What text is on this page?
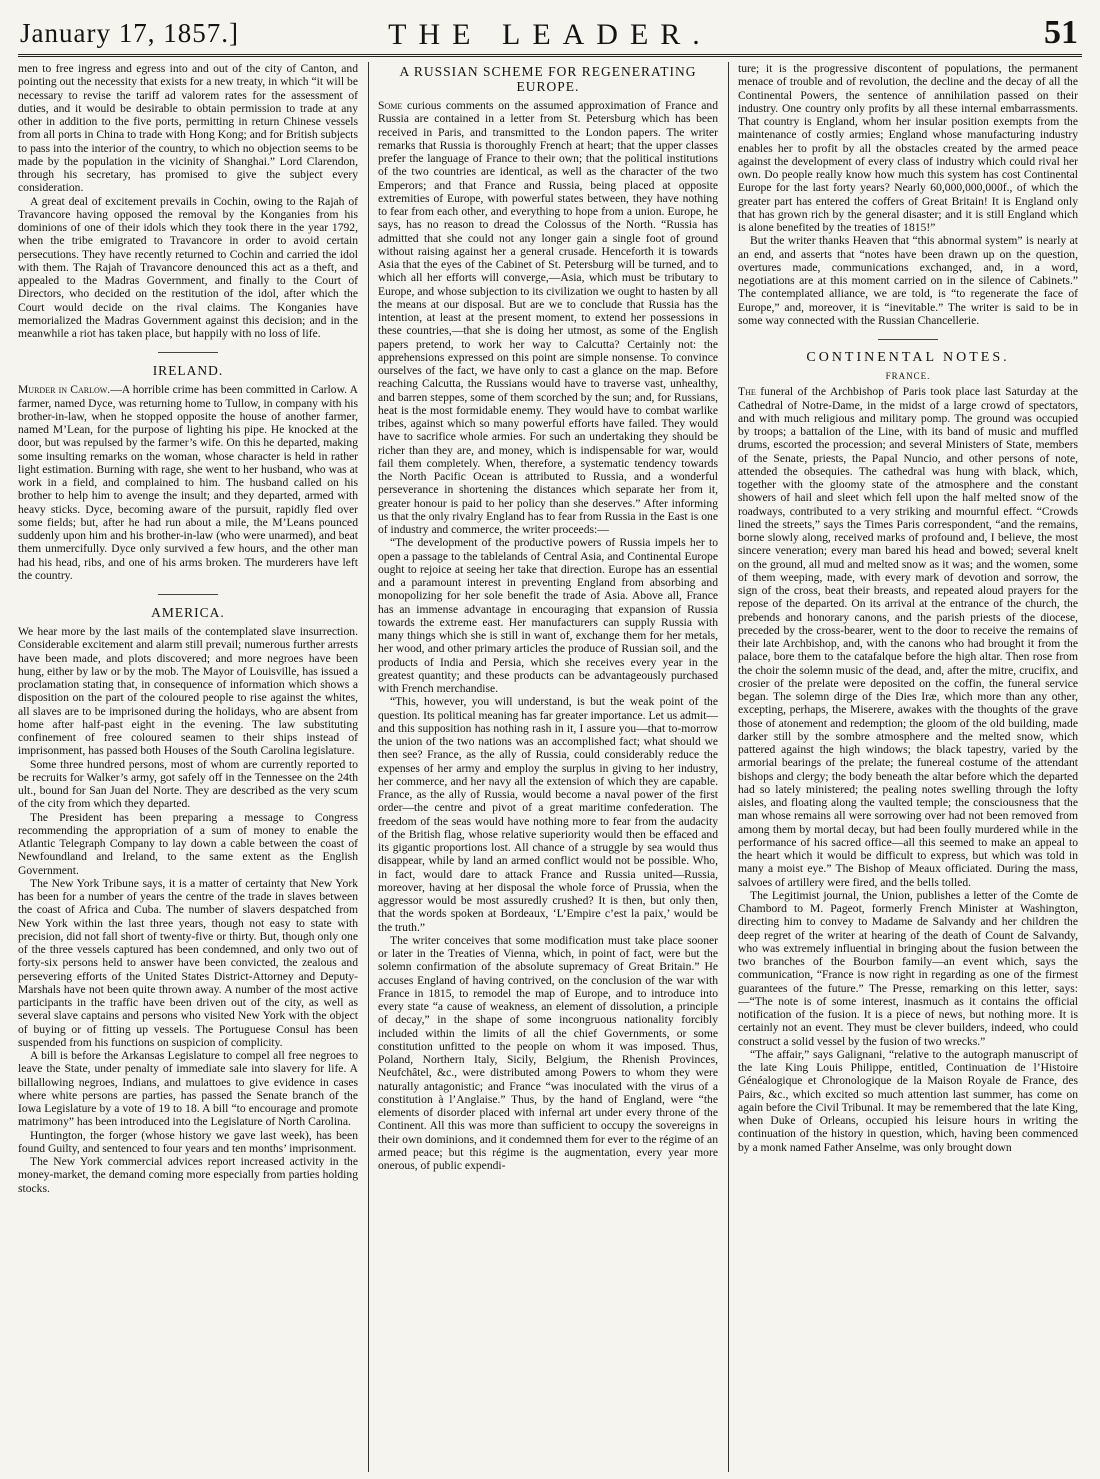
January 17, 1857.]	THE LEADER.	51

men to free ingress and egress into and out of the city of Canton, and pointing out the necessity that exists for a new treaty, in which “it will be necessary to revise the tariff ad valorem rates for the assessment of duties, and it would be desirable to obtain permission to trade at any other in addition to the five ports, permitting in return Chinese vessels from all ports in China to trade with Hong Kong; and for British subjects to pass into the interior of the country, to which no objection seems to be made by the population in the vicinity of Shanghai.” Lord Clarendon, through his secretary, has promised to give the subject every consideration.

A great deal of excitement prevails in Cochin, owing to the Rajah of Travancore having opposed the removal by the Konganies from his dominions of one of their idols which they took there in the year 1792, when the tribe emigrated to Travancore in order to avoid certain persecutions. They have recently returned to Cochin and carried the idol with them. The Rajah of Travancore denounced this act as a theft, and appealed to the Madras Government, and finally to the Court of Directors, who decided on the restitution of the idol, after which the Court would decide on the rival claims. The Konganies have memorialized the Madras Government against this decision; and in the meanwhile a riot has taken place, but happily with no loss of life.

IRELAND.

Murder in Carlow.—A horrible crime has been committed in Carlow. A farmer, named Dyce, was returning home to Tullow, in company with his brother-in-law, when he stopped opposite the house of another farmer, named M’Lean, for the purpose of lighting his pipe. He knocked at the door, but was repulsed by the farmer’s wife. On this he departed, making some insulting remarks on the woman, whose character is held in rather light estimation. Burning with rage, she went to her husband, who was at work in a field, and complained to him. The husband called on his brother to help him to avenge the insult; and they departed, armed with heavy sticks. Dyce, becoming aware of the pursuit, rapidly fled over some fields; but, after he had run about a mile, the M’Leans pounced suddenly upon him and his brother-in-law (who were unarmed), and beat them unmercifully. Dyce only survived a few hours, and the other man had his head, ribs, and one of his arms broken. The murderers have left the country.

AMERICA.

We hear more by the last mails of the contemplated slave insurrection. Considerable excitement and alarm still prevail; numerous further arrests have been made, and plots discovered; and more negroes have been hung, either by law or by the mob. The Mayor of Louisville, has issued a proclamation stating that, in consequence of information which shows a disposition on the part of the coloured people to rise against the whites, all slaves are to be imprisoned during the holidays, who are absent from home after half-past eight in the evening. The law substituting confinement of free coloured seamen to their ships instead of imprisonment, has passed both Houses of the South Carolina legislature.

Some three hundred persons, most of whom are currently reported to be recruits for Walker’s army, got safely off in the Tennessee on the 24th ult., bound for San Juan del Norte. They are described as the very scum of the city from which they departed.

The President has been preparing a message to Congress recommending the appropriation of a sum of money to enable the Atlantic Telegraph Company to lay down a cable between the coast of Newfoundland and Ireland, to the same extent as the English Government.

The New York Tribune says, it is a matter of certainty that New York has been for a number of years the centre of the trade in slaves between the coast of Africa and Cuba. The number of slavers despatched from New York within the last three years, though not easy to state with precision, did not fall short of twenty-five or thirty. But, though only one of the three vessels captured has been condemned, and only two out of forty-six persons held to answer have been convicted, the zealous and persevering efforts of the United States District-Attorney and Deputy-Marshals have not been quite thrown away. A number of the most active participants in the traffic have been driven out of the city, as well as several slave captains and persons who visited New York with the object of buying or of fitting up vessels. The Portuguese Consul has been suspended from his functions on suspicion of complicity.

A bill is before the Arkansas Legislature to compel all free negroes to leave the State, under penalty of immediate sale into slavery for life. A billallowing negroes, Indians, and mulattoes to give evidence in cases where white persons are parties, has passed the Senate branch of the Iowa Legislature by a vote of 19 to 18. A bill “to encourage and promote matrimony” has been introduced into the Legislature of North Carolina.

Huntington, the forger (whose history we gave last week), has been found Guilty, and sentenced to four years and ten months’ imprisonment.

The New York commercial advices report increased activity in the money-market, the demand coming more especially from parties holding stocks.

A RUSSIAN SCHEME FOR REGENERATING EUROPE.

Some curious comments on the assumed approximation of France and Russia are contained in a letter from St. Petersburg which has been received in Paris, and transmitted to the London papers. The writer remarks that Russia is thoroughly French at heart; that the upper classes prefer the language of France to their own; that the political institutions of the two countries are identical, as well as the character of the two Emperors; and that France and Russia, being placed at opposite extremities of Europe, with powerful states between, they have nothing to fear from each other, and everything to hope from a union. Europe, he says, has no reason to dread the Colossus of the North. “Russia has admitted that she could not any longer gain a single foot of ground without raising against her a general crusade. Henceforth it is towards Asia that the eyes of the Cabinet of St. Petersburg will be turned, and to which all her efforts will converge,—Asia, which must be tributary to Europe, and whose subjection to its civilization we ought to hasten by all the means at our disposal. But are we to conclude that Russia has the intention, at least at the present moment, to extend her possessions in these countries,—that she is doing her utmost, as some of the English papers pretend, to work her way to Calcutta? Certainly not: the apprehensions expressed on this point are simple nonsense. To convince ourselves of the fact, we have only to cast a glance on the map. Before reaching Calcutta, the Russians would have to traverse vast, unhealthy, and barren steppes, some of them scorched by the sun; and, for Russians, heat is the most formidable enemy. They would have to combat warlike tribes, against which so many powerful efforts have failed. They would have to sacrifice whole armies. For such an undertaking they should be richer than they are, and money, which is indispensable for war, would fail them completely. When, therefore, a systematic tendency towards the North Pacific Ocean is attributed to Russia, and a wonderful perseverance in shortening the distances which separate her from it, greater honour is paid to her policy than she deserves.” After informing us that the only rivalry England has to fear from Russia in the East is one of industry and commerce, the writer proceeds:—

“The development of the productive powers of Russia impels her to open a passage to the tablelands of Central Asia, and Continental Europe ought to rejoice at seeing her take that direction. Europe has an essential and a paramount interest in preventing England from absorbing and monopolizing for her sole benefit the trade of Asia. Above all, France has an immense advantage in encouraging that expansion of Russia towards the extreme east. Her manufacturers can supply Russia with many things which she is still in want of, exchange them for her metals, her wood, and other primary articles the produce of Russian soil, and the products of India and Persia, which she receives every year in the greatest quantity; and these products can be advantageously purchased with French merchandise.

“This, however, you will understand, is but the weak point of the question. Its political meaning has far greater importance. Let us admit—and this supposition has nothing rash in it, I assure you—that to-morrow the union of the two nations was an accomplished fact; what should we then see? France, as the ally of Russia, could considerably reduce the expenses of her army and employ the surplus in giving to her industry, her commerce, and her navy all the extension of which they are capable. France, as the ally of Russia, would become a naval power of the first order—the centre and pivot of a great maritime confederation. The freedom of the seas would have nothing more to fear from the audacity of the British flag, whose relative superiority would then be effaced and its gigantic proportions lost. All chance of a struggle by sea would thus disappear, while by land an armed conflict would not be possible. Who, in fact, would dare to attack France and Russia united—Russia, moreover, having at her disposal the whole force of Prussia, when the aggressor would be most assuredly crushed? It is then, but only then, that the words spoken at Bordeaux, ‘L’Empire c’est la paix,’ would be the truth.”

The writer conceives that some modification must take place sooner or later in the Treaties of Vienna, which, in point of fact, were but the solemn confirmation of the absolute supremacy of Great Britain.” He accuses England of having contrived, on the conclusion of the war with France in 1815, to remodel the map of Europe, and to introduce into every state “a cause of weakness, an element of dissolution, a principle of decay,” in the shape of some incongruous nationality forcibly included within the limits of all the chief Governments, or some constitution unfitted to the people on whom it was imposed. Thus, Poland, Northern Italy, Sicily, Belgium, the Rhenish Provinces, Neufchâtel, &c., were distributed among Powers to whom they were naturally antagonistic; and France “was inoculated with the virus of a constitution à l’Anglaise.” Thus, by the hand of England, were “the elements of disorder placed with infernal art under every throne of the Continent. All this was more than sufficient to occupy the sovereigns in their own dominions, and it condemned them for ever to the régime of an armed peace; but this régime is the augmentation, every year more onerous, of public expendi-

ture; it is the progressive discontent of populations, the permanent menace of trouble and of revolution, the decline and the decay of all the Continental Powers, the sentence of annihilation passed on their industry. One country only profits by all these internal embarrassments. That country is England, whom her insular position exempts from the maintenance of costly armies; England whose manufacturing industry enables her to profit by all the obstacles created by the armed peace against the development of every class of industry which could rival her own. Do people really know how much this system has cost Continental Europe for the last forty years? Nearly 60,000,000,000f., of which the greater part has entered the coffers of Great Britain! It is England only that has grown rich by the general disaster; and it is still England which is alone benefited by the treaties of 1815!”

But the writer thanks Heaven that “this abnormal system” is nearly at an end, and asserts that “notes have been drawn up on the question, overtures made, communications exchanged, and, in a word, negotiations are at this moment carried on in the silence of Cabinets.” The contemplated alliance, we are told, is “to regenerate the face of Europe,” and, moreover, it is “inevitable.” The writer is said to be in some way connected with the Russian Chancellerie.

CONTINENTAL NOTES.
FRANCE.

The funeral of the Archbishop of Paris took place last Saturday at the Cathedral of Notre-Dame, in the midst of a large crowd of spectators, and with much religious and military pomp. The ground was occupied by troops; a battalion of the Line, with its band of music and muffled drums, escorted the procession; and several Ministers of State, members of the Senate, priests, the Papal Nuncio, and other persons of note, attended the obsequies. The cathedral was hung with black, which, together with the gloomy state of the atmosphere and the constant showers of hail and sleet which fell upon the half melted snow of the roadways, contributed to a very striking and mournful effect. “Crowds lined the streets,” says the Times Paris correspondent, “and the remains, borne slowly along, received marks of profound and, I believe, the most sincere veneration; every man bared his head and bowed; several knelt on the ground, all mud and melted snow as it was; and the women, some of them weeping, made, with every mark of devotion and sorrow, the sign of the cross, beat their breasts, and repeated aloud prayers for the repose of the departed. On its arrival at the entrance of the church, the prebends and honorary canons, and the parish priests of the diocese, preceded by the cross-bearer, went to the door to receive the remains of their late Archbishop, and, with the canons who had brought it from the palace, bore them to the catafalque before the high altar. Then rose from the choir the solemn music of the dead, and, after the mitre, crucifix, and crosier of the prelate were deposited on the coffin, the funeral service began. The solemn dirge of the Dies Iræ, which more than any other, excepting, perhaps, the Miserere, awakes with the thoughts of the grave those of atonement and redemption; the gloom of the old building, made darker still by the sombre atmosphere and the melted snow, which pattered against the high windows; the black tapestry, varied by the armorial bearings of the prelate; the funereal costume of the attendant bishops and clergy; the body beneath the altar before which the departed had so lately ministered; the pealing notes swelling through the lofty aisles, and floating along the vaulted temple; the consciousness that the man whose remains all were sorrowing over had not been removed from among them by mortal decay, but had been foully murdered while in the performance of his sacred office—all this seemed to make an appeal to the heart which it would be difficult to express, but which was told in many a moist eye.” The Bishop of Meaux officiated. During the mass, salvoes of artillery were fired, and the bells tolled.

The Legitimist journal, the Union, publishes a letter of the Comte de Chambord to M. Pageot, formerly French Minister at Washington, directing him to convey to Madame de Salvandy and her children the deep regret of the writer at hearing of the death of Count de Salvandy, who was extremely influential in bringing about the fusion between the two branches of the Bourbon family—an event which, says the communication, “France is now right in regarding as one of the firmest guarantees of the future.” The Presse, remarking on this letter, says:—“The note is of some interest, inasmuch as it contains the official notification of the fusion. It is a piece of news, but nothing more. It is certainly not an event. They must be clever builders, indeed, who could construct a solid vessel by the fusion of two wrecks.”

“The affair,” says Galignani, “relative to the autograph manuscript of the late King Louis Philippe, entitled, Continuation de l’Histoire Généalogique et Chronologique de la Maison Royale de France, des Pairs, &c., which excited so much attention last summer, has come on again before the Civil Tribunal. It may be remembered that the late King, when Duke of Orleans, occupied his leisure hours in writing the continuation of the history in question, which, having been commenced by a monk named Father Anselme, was only brought down
